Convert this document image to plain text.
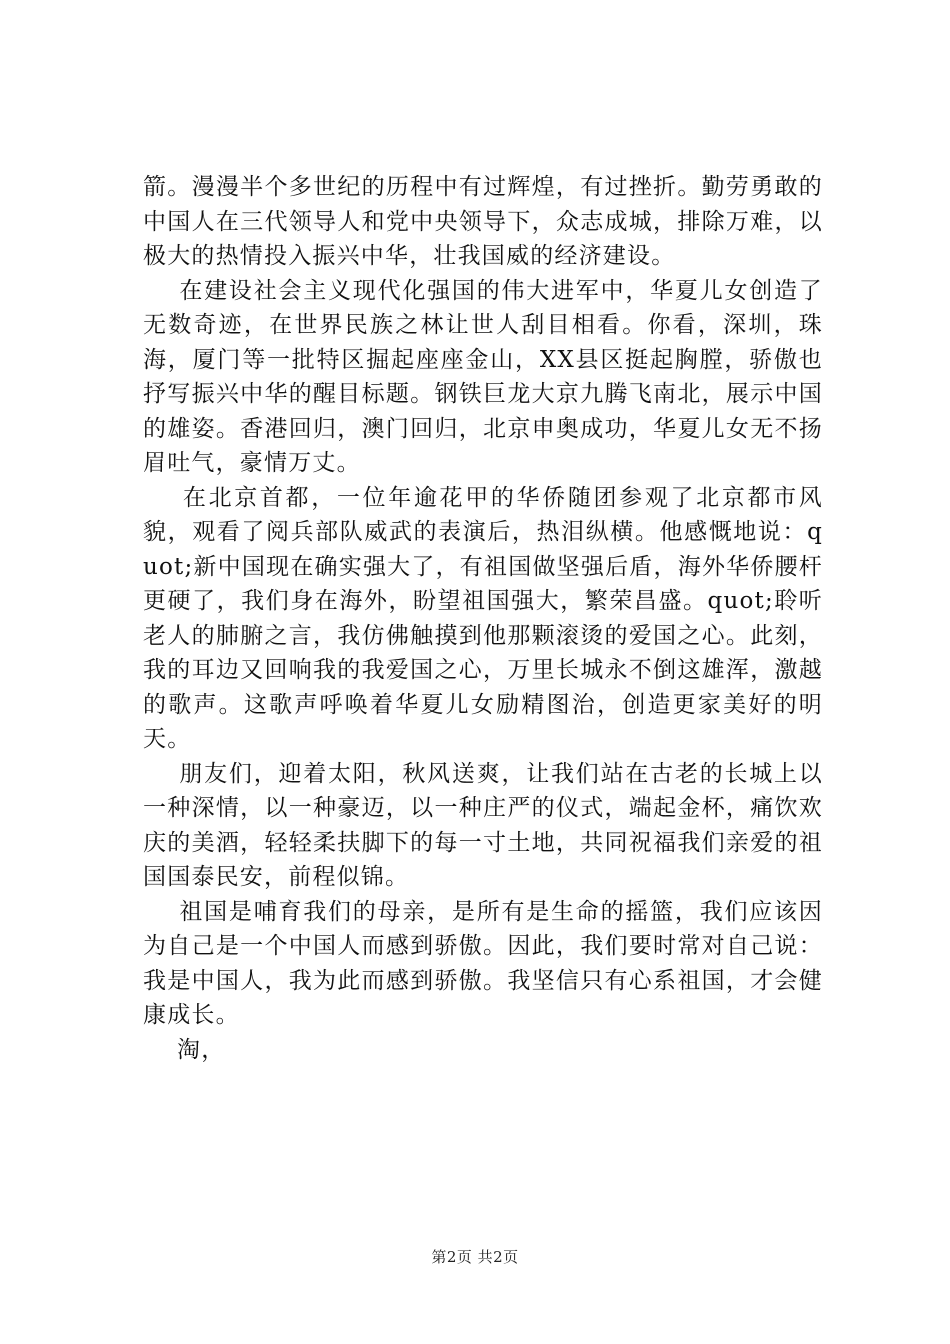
箭。漫漫半个多世纪的历程中有过辉煌，有过挫折。勤劳勇敢的中国人在三代领导人和党中央领导下，众志成城，排除万难，以极大的热情投入振兴中华，壮我国威的经济建设。

在建设社会主义现代化强国的伟大进军中，华夏儿女创造了无数奇迹，在世界民族之林让世人刮目相看。你看，深圳，珠海，厦门等一批特区掘起座座金山，XX县区挺起胸膛，骄傲也抒写振兴中华的醒目标题。钢铁巨龙大京九腾飞南北，展示中国的雄姿。香港回归，澳门回归，北京申奥成功，华夏儿女无不扬眉吐气，豪情万丈。

在北京首都，一位年逾花甲的华侨随团参观了北京都市风貌，观看了阅兵部队威武的表演后，热泪纵横。他感慨地说：quot;新中国现在确实强大了，有祖国做坚强后盾，海外华侨腰杆更硬了，我们身在海外，盼望祖国强大，繁荣昌盛。quot;聆听老人的肺腑之言，我仿佛触摸到他那颗滚烫的爱国之心。此刻，我的耳边又回响我的我爱国之心，万里长城永不倒这雄浑，激越的歌声。这歌声呼唤着华夏儿女励精图治，创造更家美好的明天。

朋友们，迎着太阳，秋风送爽，让我们站在古老的长城上以一种深情，以一种豪迈，以一种庄严的仪式，端起金杯，痛饮欢庆的美酒，轻轻柔扶脚下的每一寸土地，共同祝福我们亲爱的祖国国泰民安，前程似锦。

祖国是哺育我们的母亲，是所有是生命的摇篮，我们应该因为自己是一个中国人而感到骄傲。因此，我们要时常对自己说：我是中国人，我为此而感到骄傲。我坚信只有心系祖国，才会健康成长。

淘，

第2页 共2页
